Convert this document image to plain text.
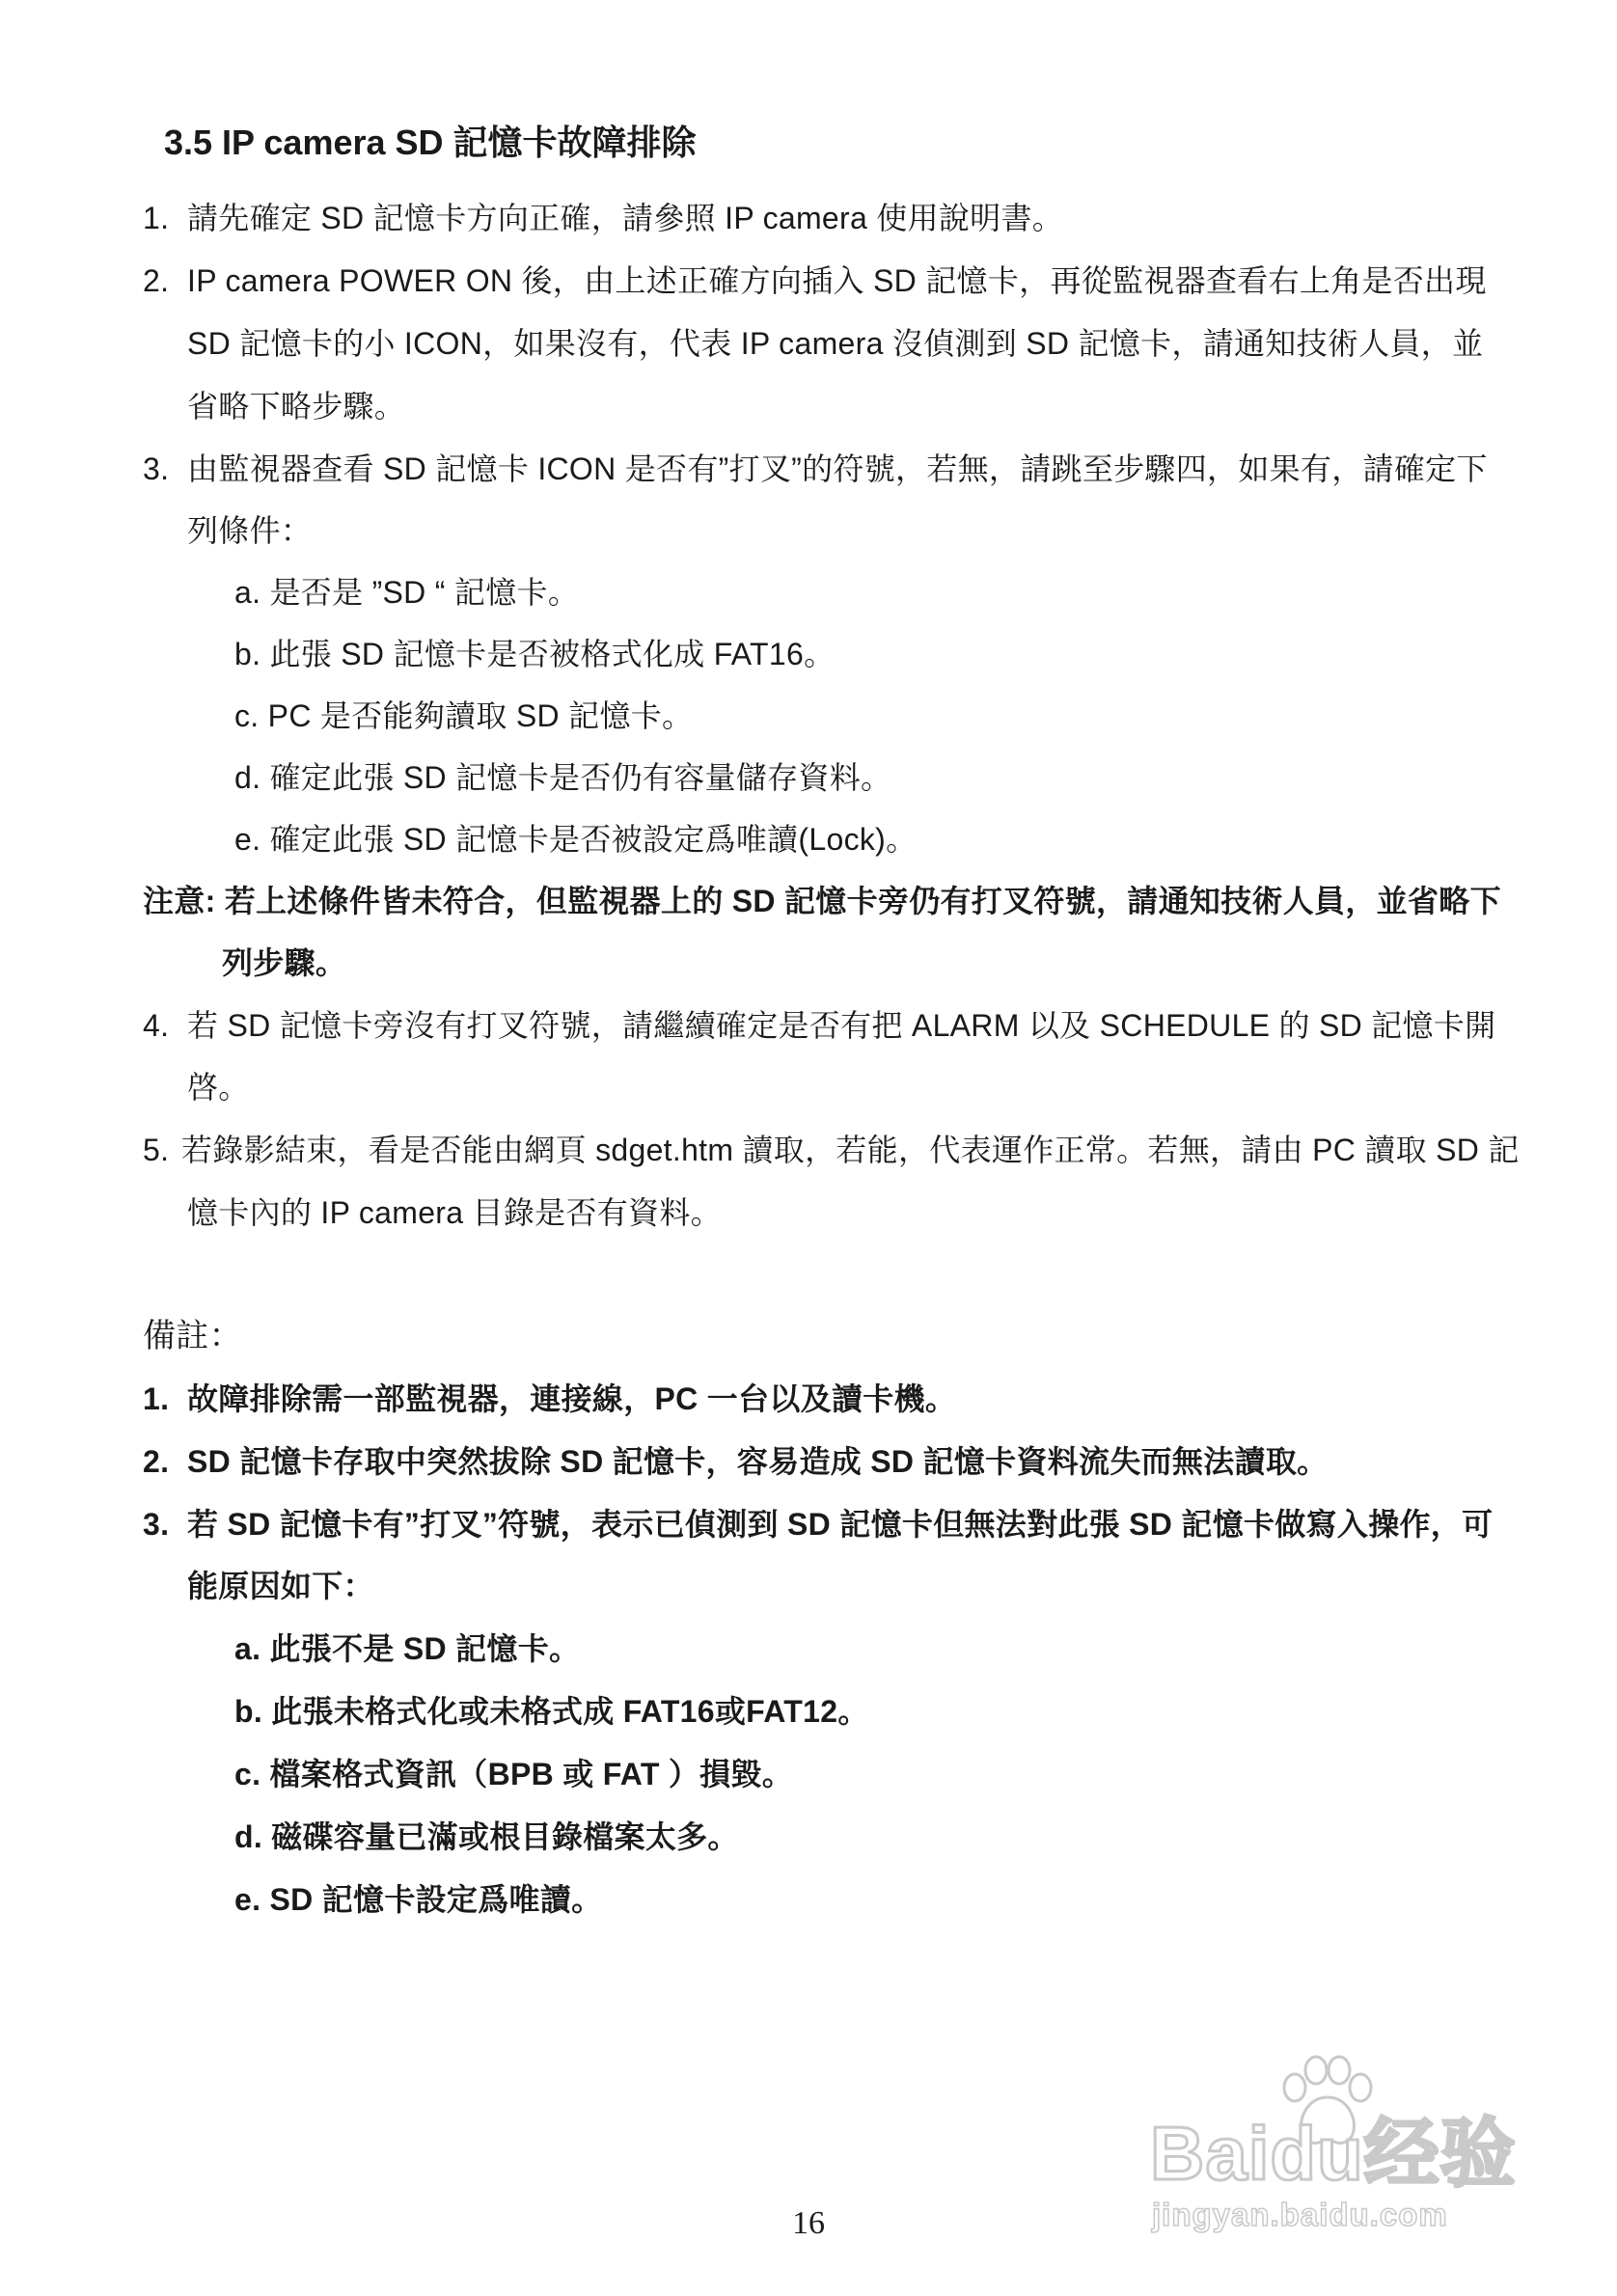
3.5 IP camera SD 記憶卡故障排除
1. 請先確定 SD 記憶卡方向正確，請參照 IP camera 使用說明書。
2. IP camera POWER ON 後，由上述正確方向插入 SD 記憶卡，再從監視器查看右上角是否出現
SD 記憶卡的小 ICON，如果沒有，代表 IP camera 沒偵測到 SD 記憶卡，請通知技術人員，並
省略下略步驟。
3. 由監視器查看 SD 記憶卡 ICON 是否有”打叉”的符號，若無，請跳至步驟四，如果有，請確定下
列條件：
a. 是否是 ”SD “ 記憶卡。
b. 此張 SD 記憶卡是否被格式化成 FAT16。
c. PC 是否能夠讀取 SD 記憶卡。
d. 確定此張 SD 記憶卡是否仍有容量儲存資料。
e. 確定此張 SD 記憶卡是否被設定爲唯讀(Lock)。
注意: 若上述條件皆未符合，但監視器上的 SD 記憶卡旁仍有打叉符號，請通知技術人員，並省略下
列步驟。
4. 若 SD 記憶卡旁沒有打叉符號，請繼續確定是否有把 ALARM 以及 SCHEDULE 的 SD 記憶卡開
啓。
5. 若錄影結束，看是否能由網頁 sdget.htm 讀取，若能，代表運作正常。若無，請由 PC 讀取 SD 記
憶卡內的 IP camera 目錄是否有資料。
備註：
1. 故障排除需一部監視器，連接線，PC 一台以及讀卡機。
2. SD 記憶卡存取中突然拔除 SD 記憶卡，容易造成 SD 記憶卡資料流失而無法讀取。
3. 若 SD 記憶卡有”打叉”符號，表示已偵測到 SD 記憶卡但無法對此張 SD 記憶卡做寫入操作，可
能原因如下：
a. 此張不是 SD 記憶卡。
b. 此張未格式化或未格式成 FAT16或FAT12。
c. 檔案格式資訊（BPB 或 FAT ）損毀。
d. 磁碟容量已滿或根目錄檔案太多。
e. SD 記憶卡設定爲唯讀。
16
Baidu经验
jingyan.baidu.com
